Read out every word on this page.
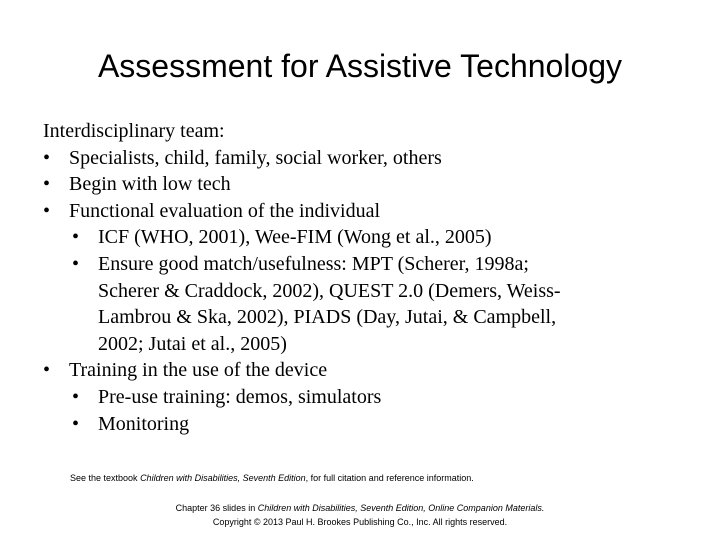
Assessment for Assistive Technology
Interdisciplinary team:
• Specialists, child, family, social worker, others
• Begin with low tech
• Functional evaluation of the individual
• ICF (WHO, 2001), Wee-FIM (Wong et al., 2005)
• Ensure good match/usefulness: MPT (Scherer, 1998a;
Scherer & Craddock, 2002), QUEST 2.0 (Demers, Weiss-
Lambrou & Ska, 2002), PIADS (Day, Jutai, & Campbell,
2002; Jutai et al., 2005)
• Training in the use of the device
• Pre-use training: demos, simulators
• Monitoring
See the textbook Children with Disabilities, Seventh Edition, for full citation and reference information.
Chapter 36 slides in Children with Disabilities, Seventh Edition, Online Companion Materials.
Copyright © 2013 Paul H. Brookes Publishing Co., Inc. All rights reserved.
